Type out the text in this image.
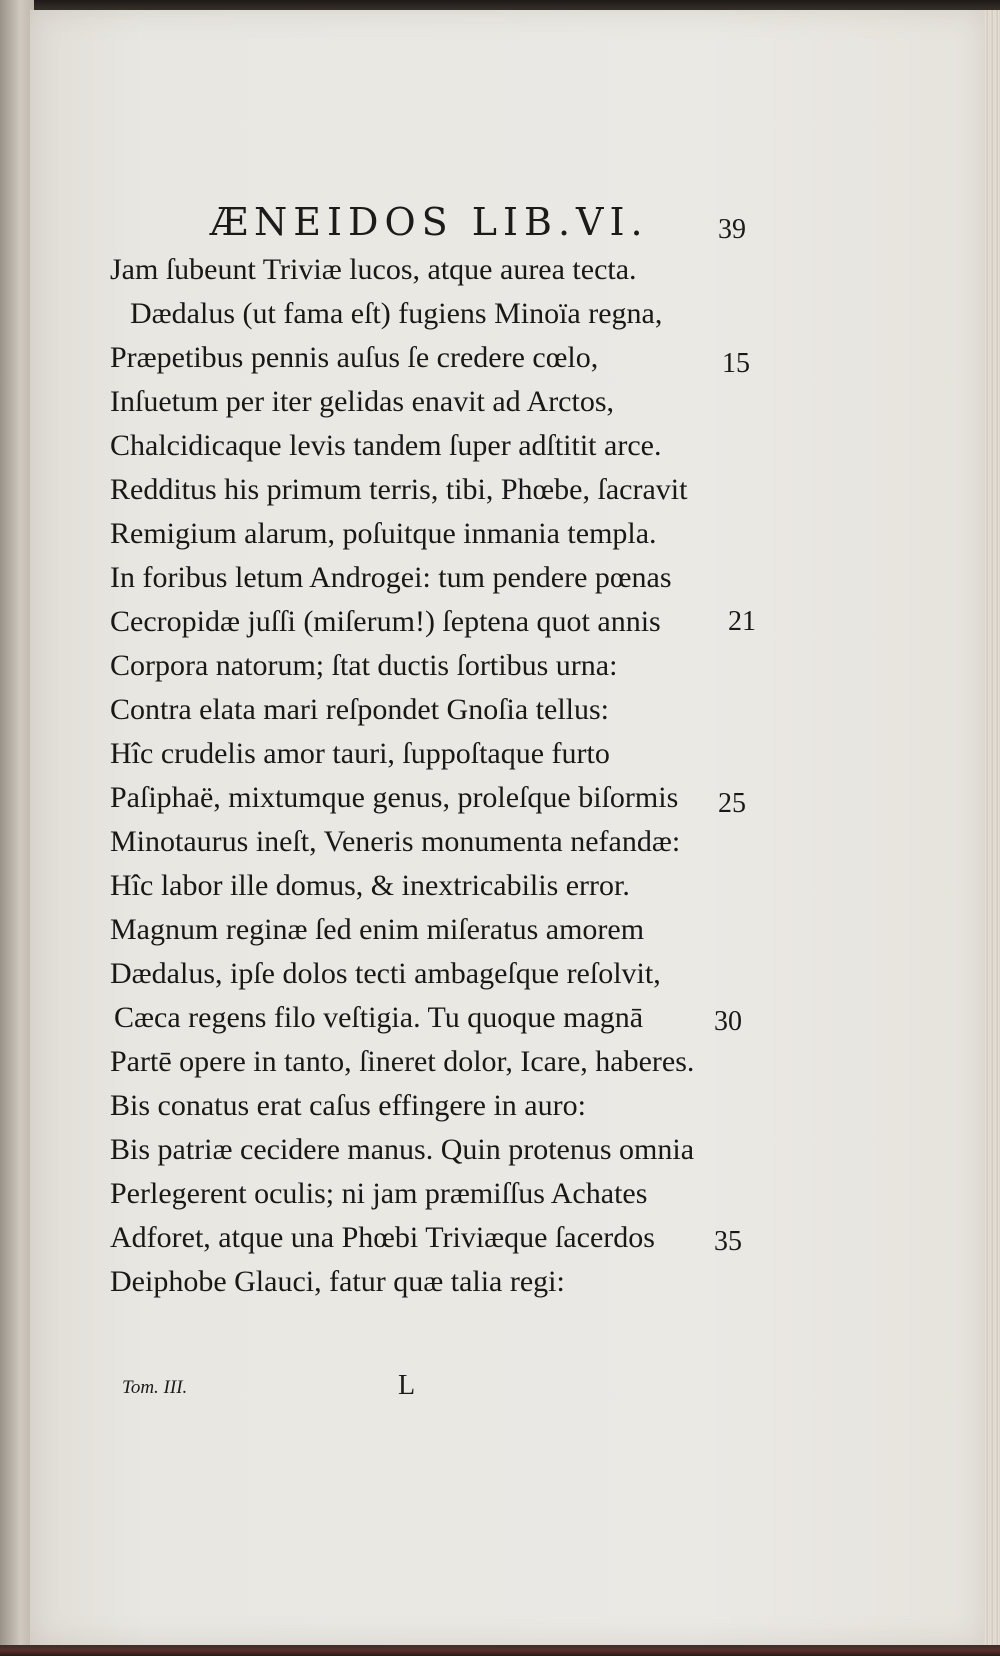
ÆNEIDOS LIB.VI.	39
Jam ſubeunt Triviæ lucos, atque aurea tecta.
Dædalus (ut fama eſt) fugiens Minoïa regna,
Præpetibus pennis auſus ſe credere cœlo,	15
Inſuetum per iter gelidas enavit ad Arctos,
Chalcidicaque levis tandem ſuper adſtitit arce.
Redditus his primum terris, tibi, Phœbe, ſacravit
Remigium alarum, poſuitque inmania templa.
In foribus letum Androgei: tum pendere pœnas
Cecropidæ juſſi (miſerum!) ſeptena quot annis	21
Corpora natorum; ſtat ductis ſortibus urna:
Contra elata mari reſpondet Gnoſia tellus:
Hîc crudelis amor tauri, ſuppoſtaque furto
Paſiphaë, mixtumque genus, proleſque biſormis	25
Minotaurus ineſt, Veneris monumenta nefandæ:
Hîc labor ille domus, & inextricabilis error.
Magnum reginæ ſed enim miſeratus amorem
Dædalus, ipſe dolos tecti ambageſque reſolvit,
Cæca regens filo veſtigia. Tu quoque magnā	30
Partē opere in tanto, ſineret dolor, Icare, haberes.
Bis conatus erat caſus effingere in auro:
Bis patriæ cecidere manus. Quin protenus omnia
Perlegerent oculis; ni jam præmiſſus Achates
Adforet, atque una Phœbi Triviæque ſacerdos	35
Deiphobe Glauci, fatur quæ talia regi:
Tom. III.	L
